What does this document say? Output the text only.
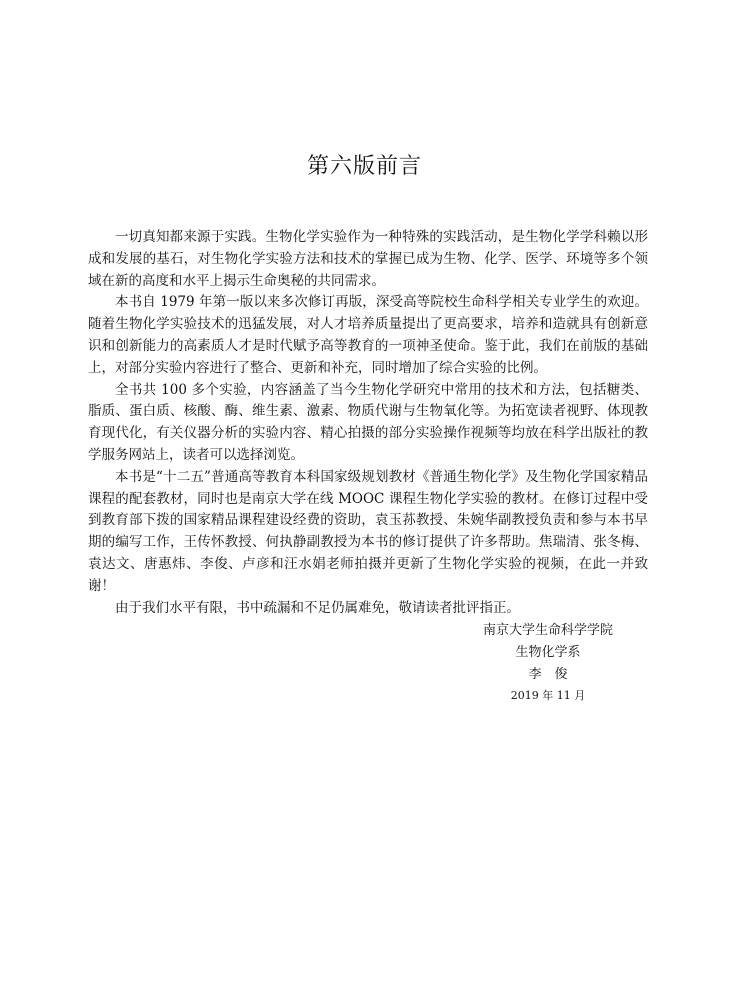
第六版前言

一切真知都来源于实践。生物化学实验作为一种特殊的实践活动，是生物化学学科赖以形成和发展的基石，对生物化学实验方法和技术的掌握已成为生物、化学、医学、环境等多个领域在新的高度和水平上揭示生命奥秘的共同需求。

本书自 1979 年第一版以来多次修订再版，深受高等院校生命科学相关专业学生的欢迎。随着生物化学实验技术的迅猛发展，对人才培养质量提出了更高要求，培养和造就具有创新意识和创新能力的高素质人才是时代赋予高等教育的一项神圣使命。鉴于此，我们在前版的基础上，对部分实验内容进行了整合、更新和补充，同时增加了综合实验的比例。

全书共 100 多个实验，内容涵盖了当今生物化学研究中常用的技术和方法，包括糖类、脂质、蛋白质、核酸、酶、维生素、激素、物质代谢与生物氧化等。为拓宽读者视野、体现教育现代化，有关仪器分析的实验内容、精心拍摄的部分实验操作视频等均放在科学出版社的教学服务网站上，读者可以选择浏览。

本书是“十二五”普通高等教育本科国家级规划教材《普通生物化学》及生物化学国家精品课程的配套教材，同时也是南京大学在线 MOOC 课程生物化学实验的教材。在修订过程中受到教育部下拨的国家精品课程建设经费的资助，袁玉荪教授、朱婉华副教授负责和参与本书早期的编写工作，王传怀教授、何执静副教授为本书的修订提供了许多帮助。焦瑞清、张冬梅、袁达文、唐惠炜、李俊、卢彦和汪水娟老师拍摄并更新了生物化学实验的视频，在此一并致谢！

由于我们水平有限，书中疏漏和不足仍属难免，敬请读者批评指正。

南京大学生命科学学院
生物化学系
李　俊
2019 年 11 月
